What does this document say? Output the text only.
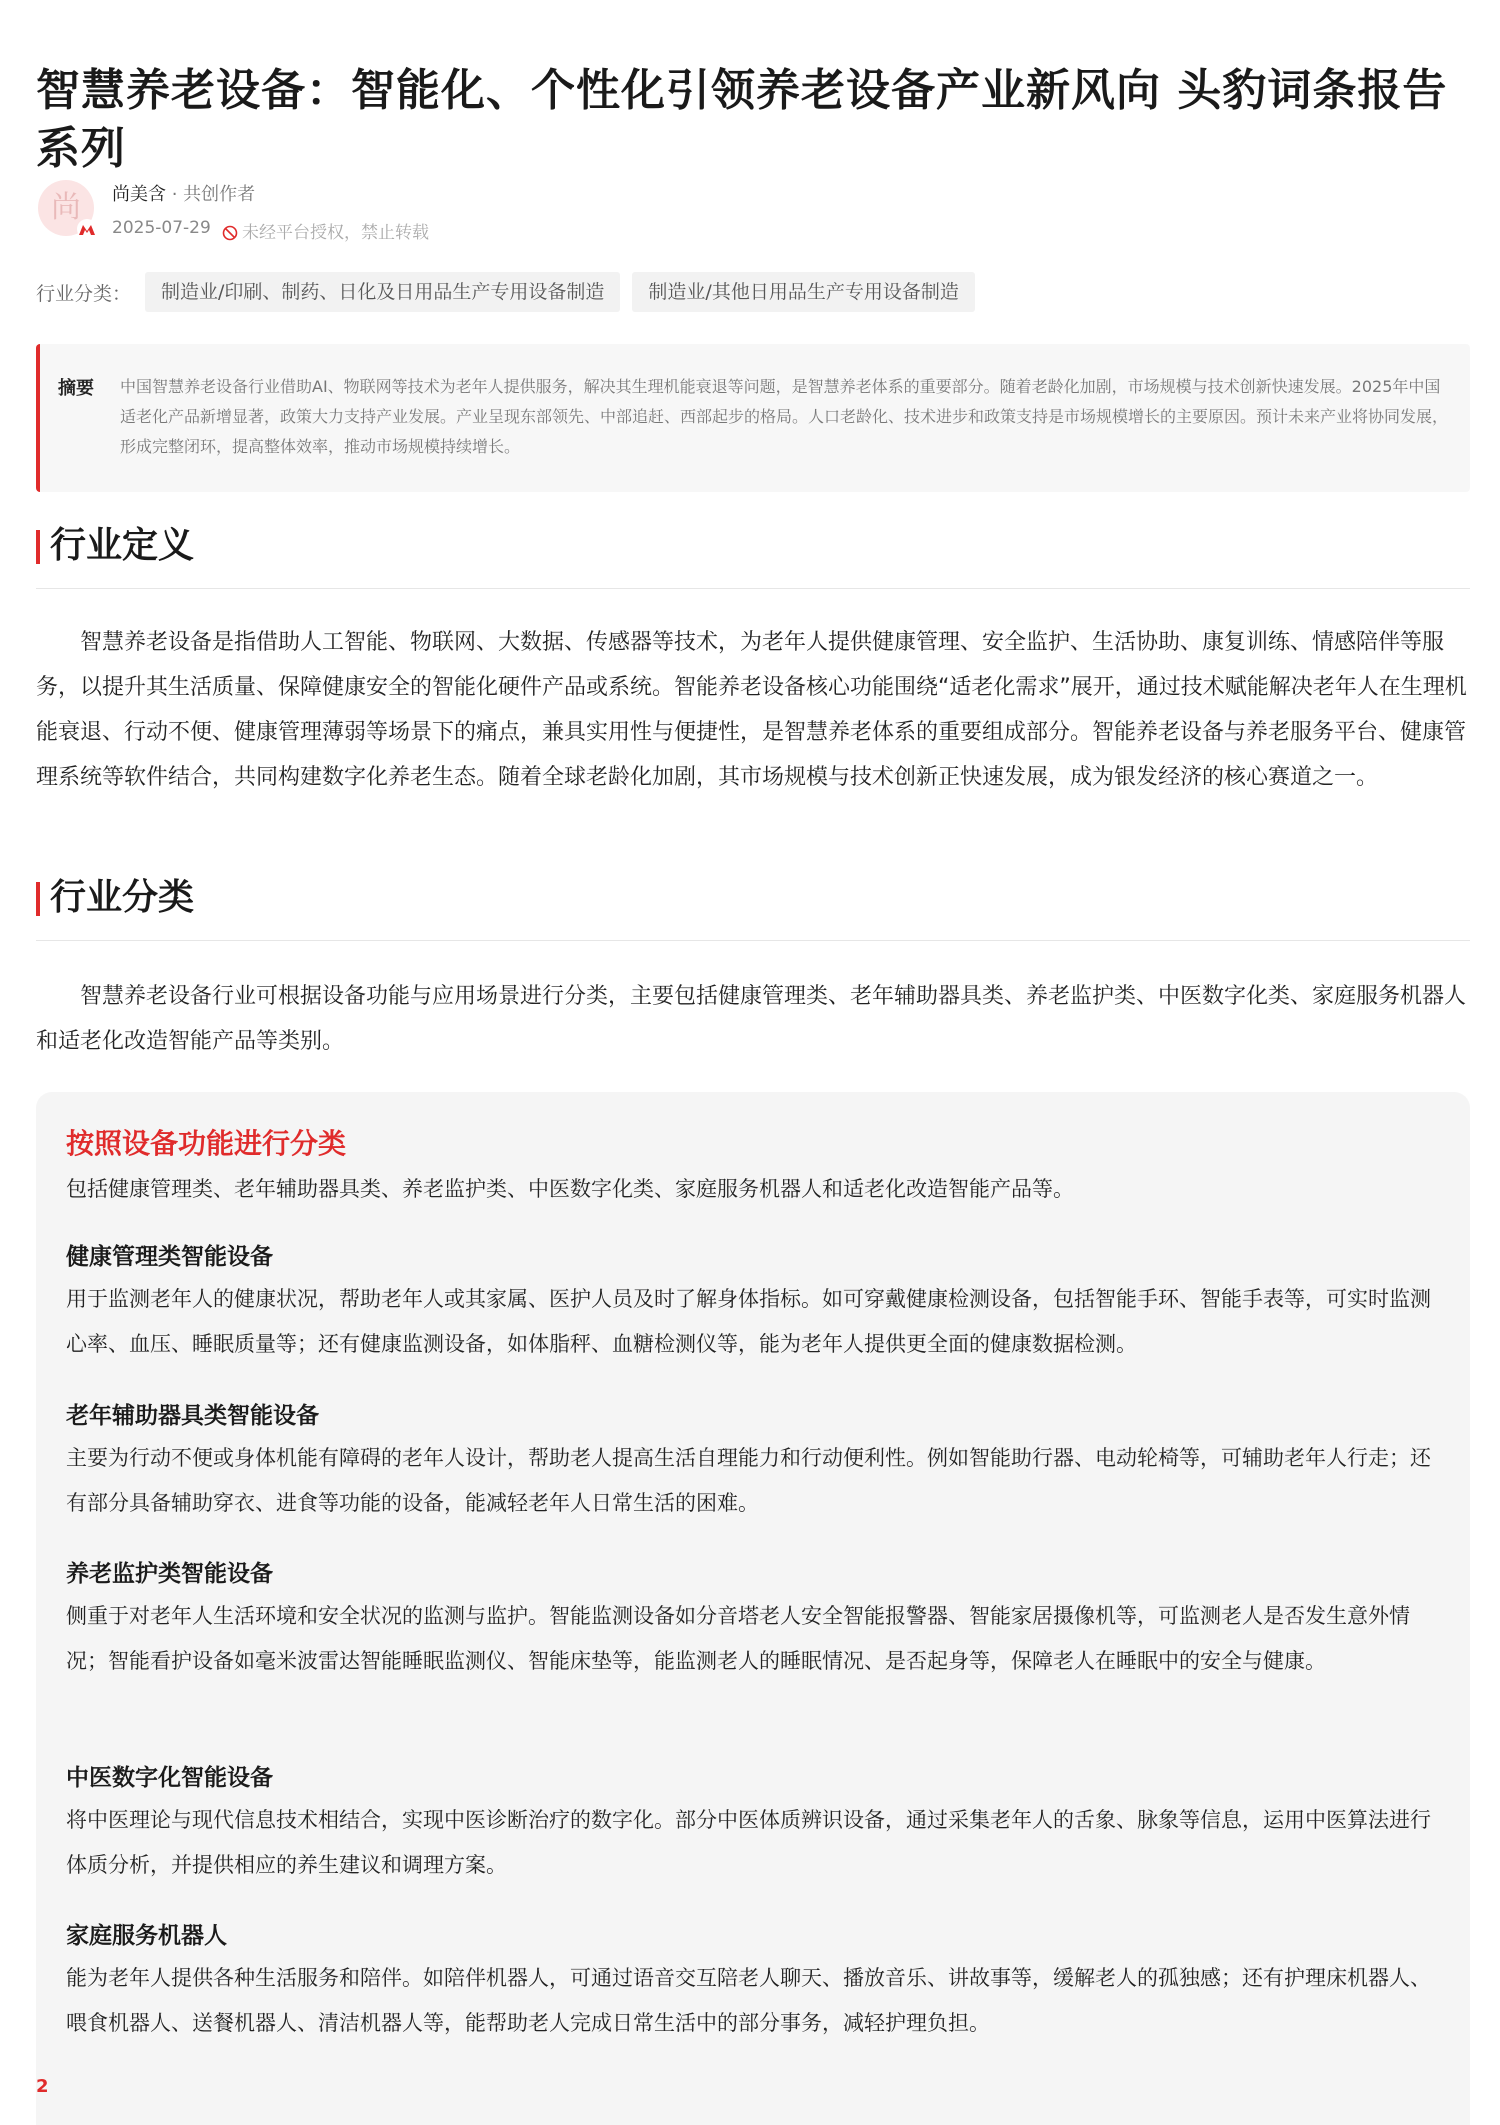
智慧养老设备：智能化、个性化引领养老设备产业新风向 头豹词条报告系列
尚	尚美含 · 共创作者
2025-07-29	未经平台授权，禁止转载
行业分类：	制造业/印刷、制药、日化及日用品生产专用设备制造	制造业/其他日用品生产专用设备制造
摘要 中国智慧养老设备行业借助AI、物联网等技术为老年人提供服务，解决其生理机能衰退等问题，是智慧养老体系的重要部分。随着老龄化加剧，市场规模与技术创新快速发展。2025年中国适老化产品新增显著，政策大力支持产业发展。产业呈现东部领先、中部追赶、西部起步的格局。人口老龄化、技术进步和政策支持是市场规模增长的主要原因。预计未来产业将协同发展，形成完整闭环，提高整体效率，推动市场规模持续增长。
行业定义

智慧养老设备是指借助人工智能、物联网、大数据、传感器等技术，为老年人提供健康管理、安全监护、生活协助、康复训练、情感陪伴等服务，以提升其生活质量、保障健康安全的智能化硬件产品或系统。智能养老设备核心功能围绕“适老化需求”展开，通过技术赋能解决老年人在生理机能衰退、行动不便、健康管理薄弱等场景下的痛点，兼具实用性与便捷性，是智慧养老体系的重要组成部分。智能养老设备与养老服务平台、健康管理系统等软件结合，共同构建数字化养老生态。随着全球老龄化加剧，其市场规模与技术创新正快速发展，成为银发经济的核心赛道之一。

行业分类

智慧养老设备行业可根据设备功能与应用场景进行分类，主要包括健康管理类、老年辅助器具类、养老监护类、中医数字化类、家庭服务机器人和适老化改造智能产品等类别。

按照设备功能进行分类
包括健康管理类、老年辅助器具类、养老监护类、中医数字化类、家庭服务机器人和适老化改造智能产品等。
健康管理类智能设备
用于监测老年人的健康状况，帮助老年人或其家属、医护人员及时了解身体指标。如可穿戴健康检测设备，包括智能手环、智能手表等，可实时监测心率、血压、睡眠质量等；还有健康监测设备，如体脂秤、血糖检测仪等，能为老年人提供更全面的健康数据检测。
老年辅助器具类智能设备
主要为行动不便或身体机能有障碍的老年人设计，帮助老人提高生活自理能力和行动便利性。例如智能助行器、电动轮椅等，可辅助老年人行走；还有部分具备辅助穿衣、进食等功能的设备，能减轻老年人日常生活的困难。
养老监护类智能设备
侧重于对老年人生活环境和安全状况的监测与监护。智能监测设备如分音塔老人安全智能报警器、智能家居摄像机等，可监测老人是否发生意外情况；智能看护设备如毫米波雷达智能睡眠监测仪、智能床垫等，能监测老人的睡眠情况、是否起身等，保障老人在睡眠中的安全与健康。
中医数字化智能设备
将中医理论与现代信息技术相结合，实现中医诊断治疗的数字化。部分中医体质辨识设备，通过采集老年人的舌象、脉象等信息，运用中医算法进行体质分析，并提供相应的养生建议和调理方案。
家庭服务机器人
能为老年人提供各种生活服务和陪伴。如陪伴机器人，可通过语音交互陪老人聊天、播放音乐、讲故事等，缓解老人的孤独感；还有护理床机器人、喂食机器人、送餐机器人、清洁机器人等，能帮助老人完成日常生活中的部分事务，减轻护理负担。
2
